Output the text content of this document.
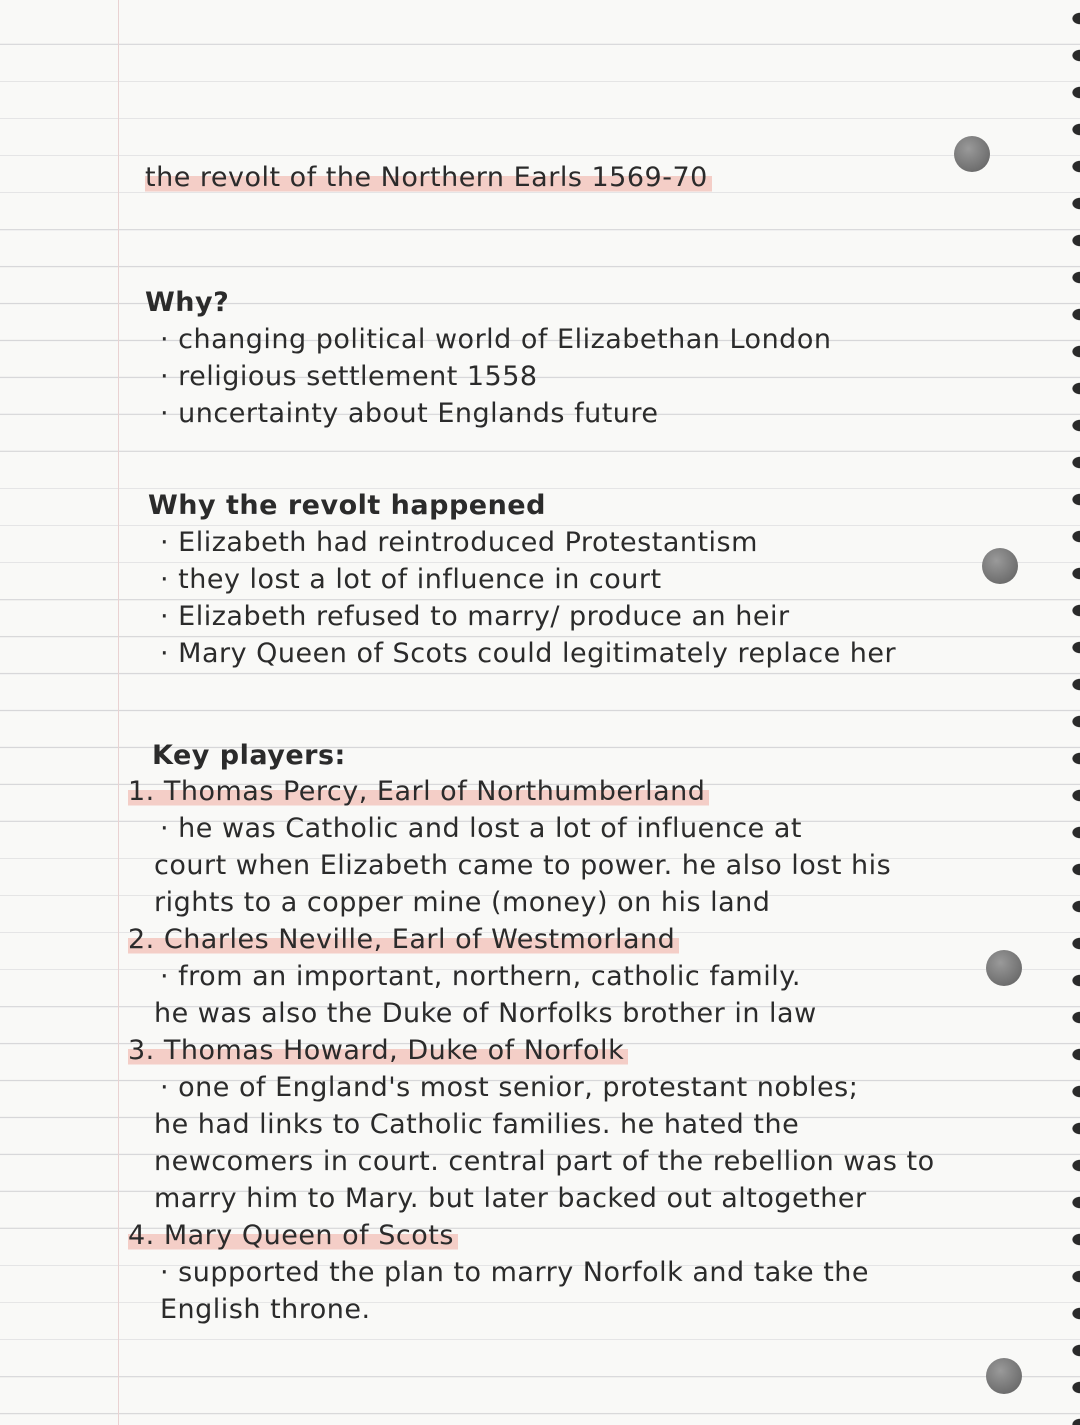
the revolt of the Northern Earls 1569-70
Why?
· changing political world of Elizabethan London
· religious settlement 1558
· uncertainty about Englands future
Why the revolt happened
· Elizabeth had reintroduced Protestantism
· they lost a lot of influence in court
· Elizabeth refused to marry/ produce an heir
· Mary Queen of Scots could legitimately replace her
Key players:
1. Thomas Percy, Earl of Northumberland
· he was Catholic and lost a lot of influence at
court when Elizabeth came to power. he also lost his
rights to a copper mine (money) on his land
2. Charles Neville, Earl of Westmorland
· from an important, northern, catholic family.
he was also the Duke of Norfolks brother in law
3. Thomas Howard, Duke of Norfolk
· one of England's most senior, protestant nobles;
he had links to Catholic families. he hated the
newcomers in court. central part of the rebellion was to
marry him to Mary. but later backed out altogether
4. Mary Queen of Scots
· supported the plan to marry Norfolk and take the
English throne.
